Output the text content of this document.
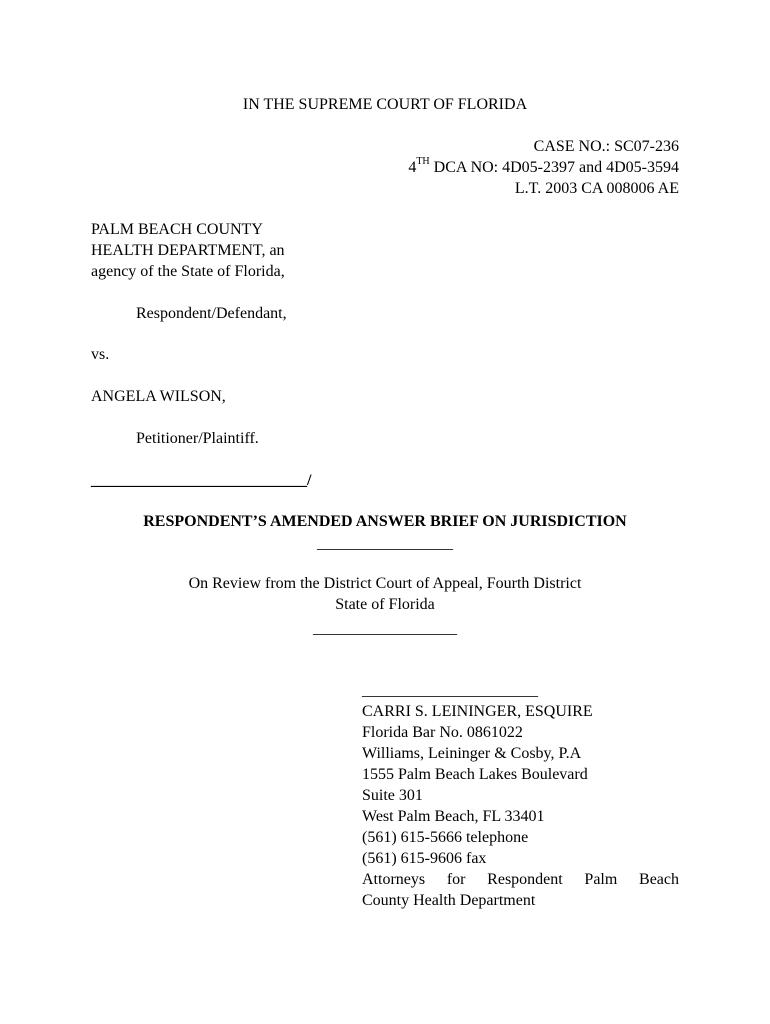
IN THE SUPREME COURT OF FLORIDA
CASE NO.: SC07-236
4TH DCA NO: 4D05-2397 and 4D05-3594
L.T. 2003 CA 008006 AE
PALM BEACH COUNTY
HEALTH DEPARTMENT, an
agency of the State of Florida,
Respondent/Defendant,
vs.
ANGELA WILSON,
Petitioner/Plaintiff.
___________________________/
RESPONDENT’S AMENDED ANSWER BRIEF ON JURISDICTION
_________________
On Review from the District Court of Appeal, Fourth District
State of Florida
__________________
______________________
CARRI S. LEININGER, ESQUIRE
Florida Bar No. 0861022
Williams, Leininger & Cosby, P.A
1555 Palm Beach Lakes Boulevard
Suite 301
West Palm Beach, FL 33401
(561) 615-5666 telephone
(561) 615-9606 fax
Attorneys for Respondent Palm Beach
County Health Department
